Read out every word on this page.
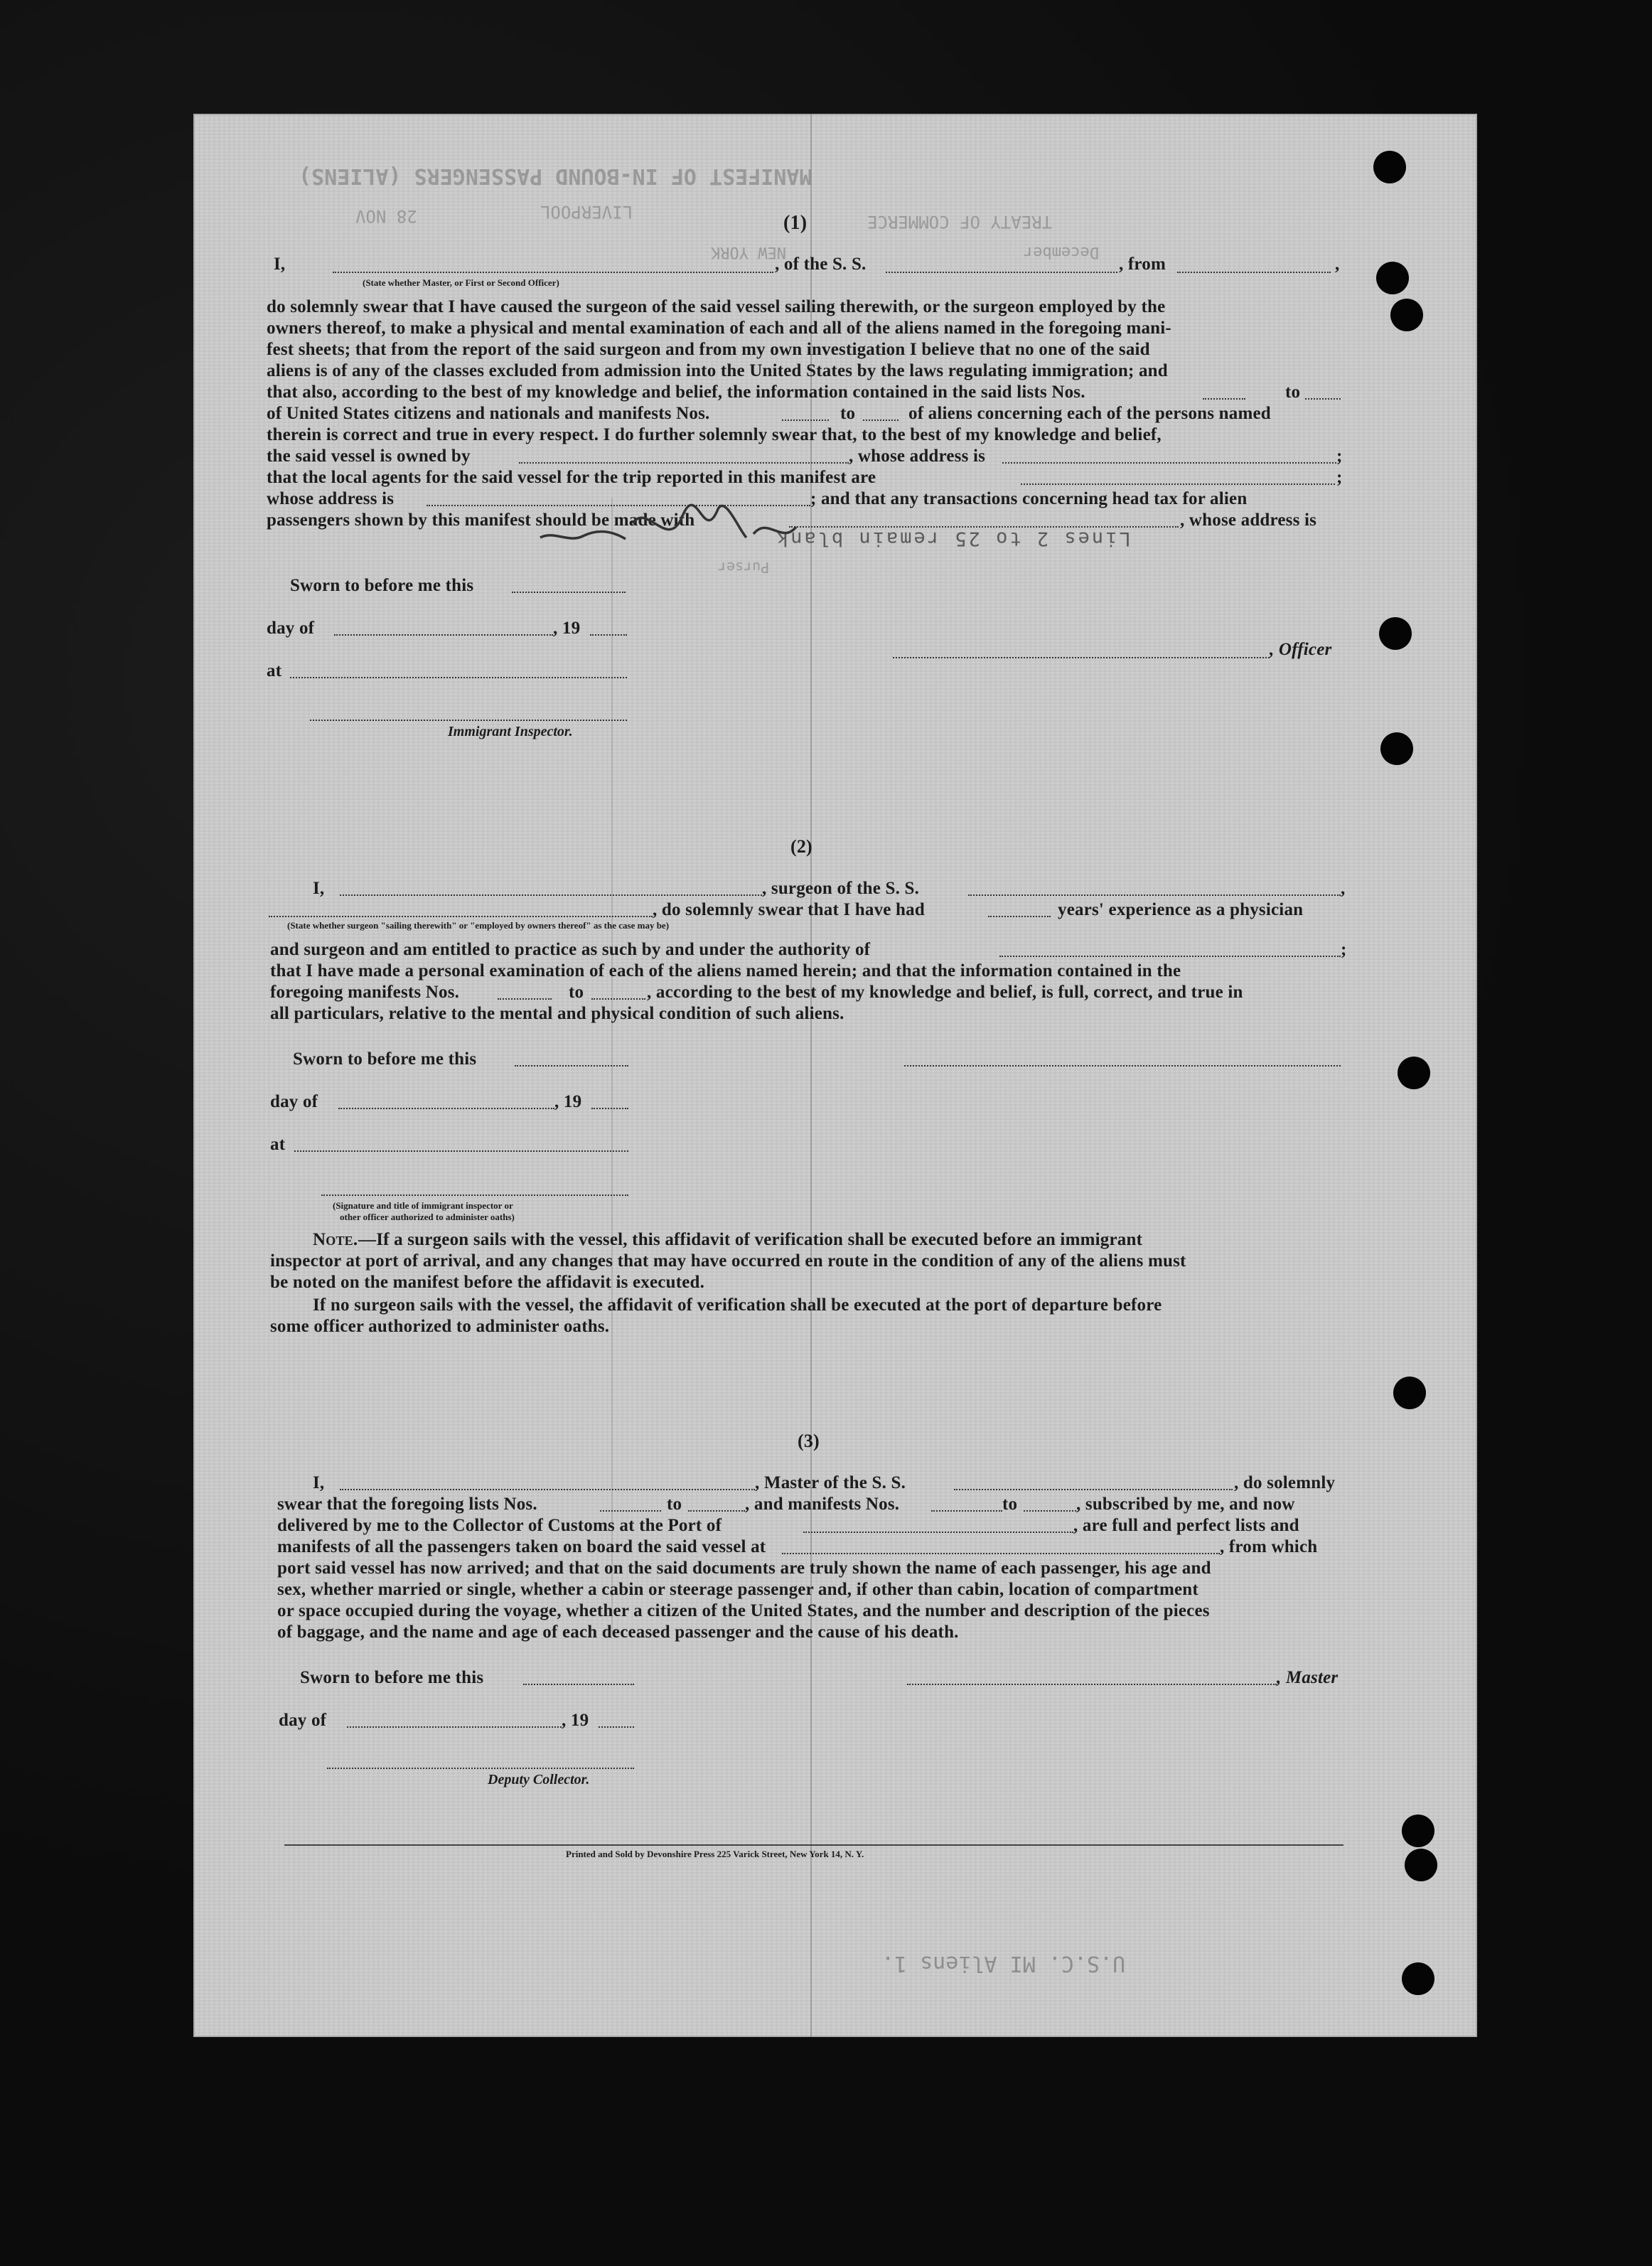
MANIFEST OF IN-BOUND PASSENGERS (ALIENS)
TREATY OF COMMERCE
LIVERPOOL
28 NOV
NEW YORK	December
Lines 2 to 25 remain blank
Purser
U.S.C. MI Aliens 1.
(1)
I,	, of the S. S.	, from	,
(State whether Master, or First or Second Officer)
do solemnly swear that I have caused the surgeon of the said vessel sailing therewith, or the surgeon employed by the
owners thereof, to make a physical and mental examination of each and all of the aliens named in the foregoing mani-
fest sheets; that from the report of the said surgeon and from my own investigation I believe that no one of the said
aliens is of any of the classes excluded from admission into the United States by the laws regulating immigration; and
that also, according to the best of my knowledge and belief, the information contained in the said lists Nos.	to
of United States citizens and nationals and manifests Nos.	to	of aliens concerning each of the persons named
therein is correct and true in every respect. I do further solemnly swear that, to the best of my knowledge and belief,
the said vessel is owned by	, whose address is	;
that the local agents for the said vessel for the trip reported in this manifest are	;
whose address is	; and that any transactions concerning head tax for alien
passengers shown by this manifest should be made with	, whose address is
Sworn to before me this
day of	, 19
, Officer
at
Immigrant Inspector.
(2)
I,	, surgeon of the S. S.	,
, do solemnly swear that I have had	years' experience as a physician
(State whether surgeon "sailing therewith" or "employed by owners thereof" as the case may be)
and surgeon and am entitled to practice as such by and under the authority of	;
that I have made a personal examination of each of the aliens named herein; and that the information contained in the
foregoing manifests Nos.	to	, according to the best of my knowledge and belief, is full, correct, and true in
all particulars, relative to the mental and physical condition of such aliens.
Sworn to before me this
day of	, 19
at
(Signature and title of immigrant inspector or
other officer authorized to administer oaths)
Note. —If a surgeon sails with the vessel, this affidavit of verification shall be executed before an immigrant
inspector at port of arrival, and any changes that may have occurred en route in the condition of any of the aliens must
be noted on the manifest before the affidavit is executed.
If no surgeon sails with the vessel, the affidavit of verification shall be executed at the port of departure before
some officer authorized to administer oaths.
(3)
I,	, Master of the S. S.	, do solemnly
swear that the foregoing lists Nos.	to	, and manifests Nos.	to	, subscribed by me, and now
delivered by me to the Collector of Customs at the Port of	, are full and perfect lists and
manifests of all the passengers taken on board the said vessel at	, from which
port said vessel has now arrived; and that on the said documents are truly shown the name of each passenger, his age and
sex, whether married or single, whether a cabin or steerage passenger and, if other than cabin, location of compartment
or space occupied during the voyage, whether a citizen of the United States, and the number and description of the pieces
of baggage, and the name and age of each deceased passenger and the cause of his death.
Sworn to before me this	, Master
day of	, 19
Deputy Collector.
Printed and Sold by Devonshire Press 225 Varick Street, New York 14, N. Y.
